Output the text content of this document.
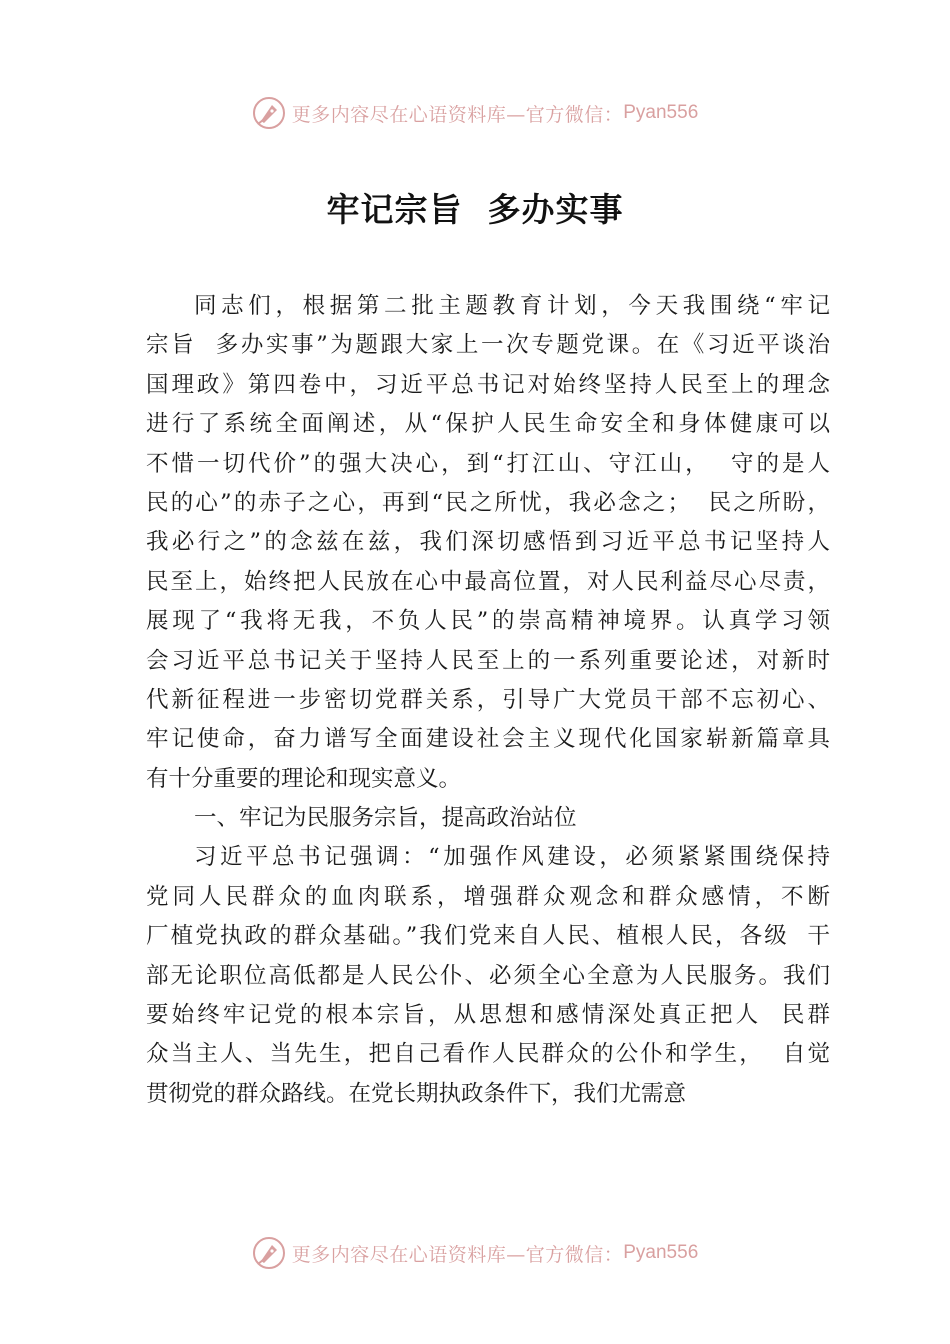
更多内容尽在心语资料库—官方微信： Pyan556
牢记宗旨  多办实事
同志们，根据第二批主题教育计划，今天我围绕“牢记
宗旨  多办实事”为题跟大家上一次专题党课。在《习近平谈治
国理政》第四卷中，习近平总书记对始终坚持人民至上的理念
进行了系统全面阐述，从“保护人民生命安全和身体健康可以
不惜一切代价”的强大决心，到“打江山、守江山，  守的是人
民的心”的赤子之心，再到“民之所忧，我必念之；  民之所盼，
我必行之”的念兹在兹，我们深切感悟到习近平总书记坚持人
民至上，始终把人民放在心中最高位置，对人民利益尽心尽责，
展现了“我将无我，不负人民”的崇高精神境界。认真学习领
会习近平总书记关于坚持人民至上的一系列重要论述，对新时
代新征程进一步密切党群关系，引导广大党员干部不忘初心、
牢记使命，奋力谱写全面建设社会主义现代化国家崭新篇章具
有十分重要的理论和现实意义。
一、牢记为民服务宗旨，提高政治站位
习近平总书记强调：“加强作风建设，必须紧紧围绕保持
党同人民群众的血肉联系，增强群众观念和群众感情，不断
⼚植党执政的群众基础。”我们党来自人民、植根人民，各级  干
部无论职位高低都是人民公仆、必须全心全意为人民服务。我们
要始终牢记党的根本宗旨，从思想和感情深处真正把人  民群
众当主人、当先生，把自己看作人民群众的公仆和学生，  自觉
贯彻党的群众路线。在党长期执政条件下，我们尤需意
更多内容尽在心语资料库—官方微信： Pyan556
